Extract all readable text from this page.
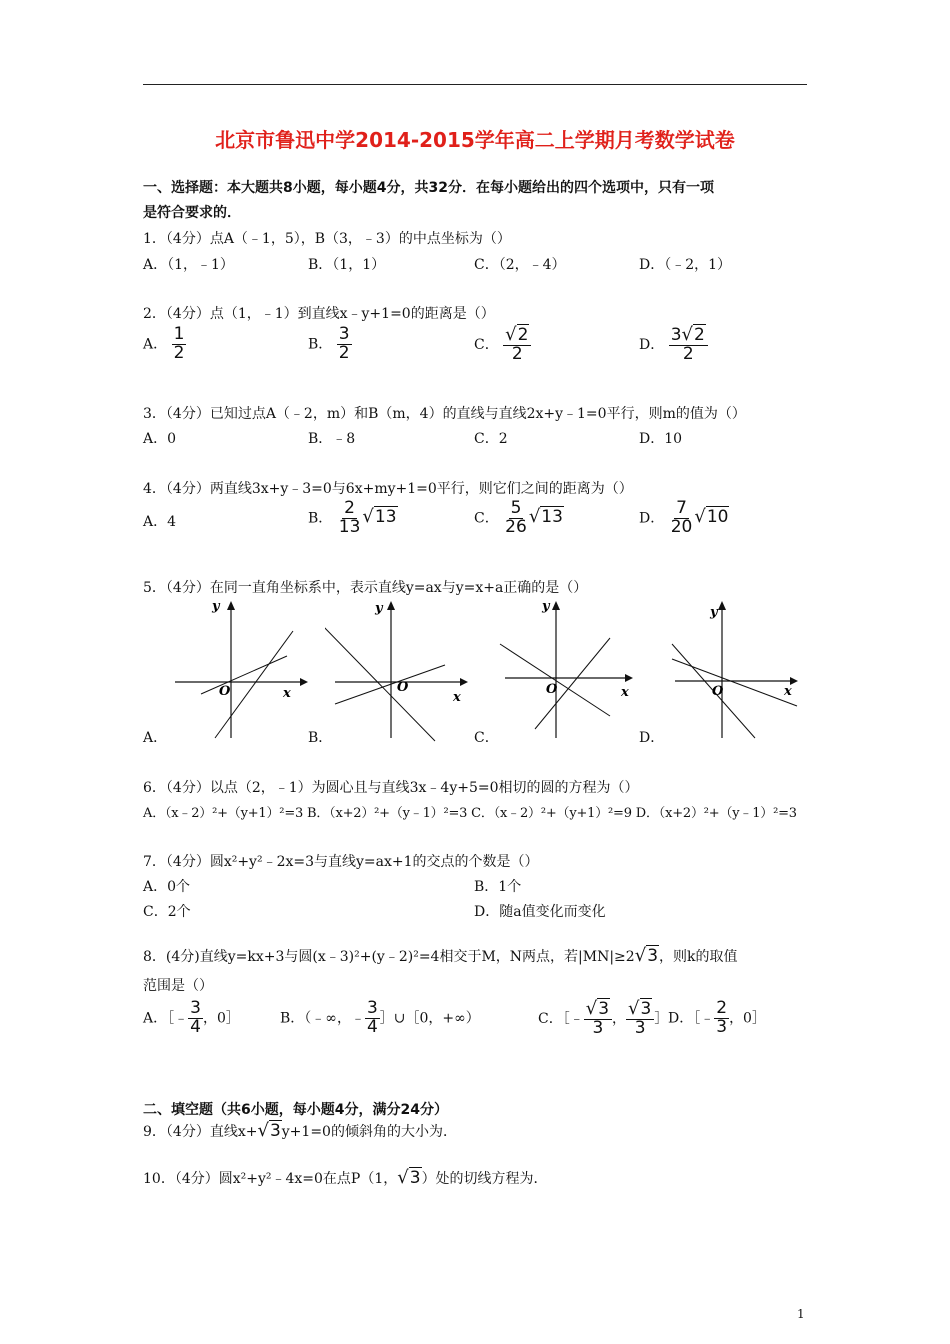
北京市鲁迅中学2014-2015学年高二上学期月考数学试卷
一、选择题：本大题共8小题，每小题4分，共32分．在每小题给出的四个选项中，只有一项
是符合要求的．
1．（4分）点A（﹣1，5），B（3，﹣3）的中点坐标为（）
A．（1，﹣1）	B．（1，1）	C．（2，﹣4）	D．（﹣2，1）
2．（4分）点（1，﹣1）到直线x﹣y+1=0的距离是（）
A． $\frac{1}{2}$	B． $\frac{3}{2}$	C． $\frac{√2}{2}$	D． $\frac{3√2}{2}$
3．（4分）已知过点A（﹣2，m）和B（m，4）的直线与直线2x+y﹣1=0平行，则m的值为（）
A．0	B．﹣8	C．2	D．10
4．（4分）两直线3x+y﹣3=0与6x+my+1=0平行，则它们之间的距离为（）
A．4	B． $\frac{2}{13} √13$	C． $\frac{5}{26} √13$	D． $\frac{7}{20} √10$
5．（4分）在同一直角坐标系中，表示直线y=ax与y=x+a正确的是（）
y
x
O
y
x
O
y
x
O
y
x
O
A．	B．	C．	D．
6．（4分）以点（2，﹣1）为圆心且与直线3x﹣4y+5=0相切的圆的方程为（）
A．（x﹣2）²+（y+1）²=3 B．（x+2）²+（y﹣1）²=3 C．（x﹣2）²+（y+1）²=9 D．（x+2）²+（y﹣1）²=3
7．（4分）圆x²+y²﹣2x=3与直线y=ax+1的交点的个数是（）
A．0个	B．1个
C．2个	D．随a值变化而变化
8．(4分)直线y=kx+3与圆(x﹣3)²+(y﹣2)²=4相交于M，N两点，若|MN|≥2√3，则k的取值
范围是（）
A．［﹣ $\frac{3}{4}$ ，0］	B．（﹣∞，﹣ $\frac{3}{4}$ ］∪［0，+∞）	C．［﹣ $\frac{√3}{3}$ ， $\frac{√3}{3}$ ］ D．［﹣ $\frac{2}{3}$ ，0］
二、填空题（共6小题，每小题4分，满分24分）
9．（4分）直线x+√3y+1=0的倾斜角的大小为．
10．（4分）圆x²+y²﹣4x=0在点P（1，√3）处的切线方程为．
1
